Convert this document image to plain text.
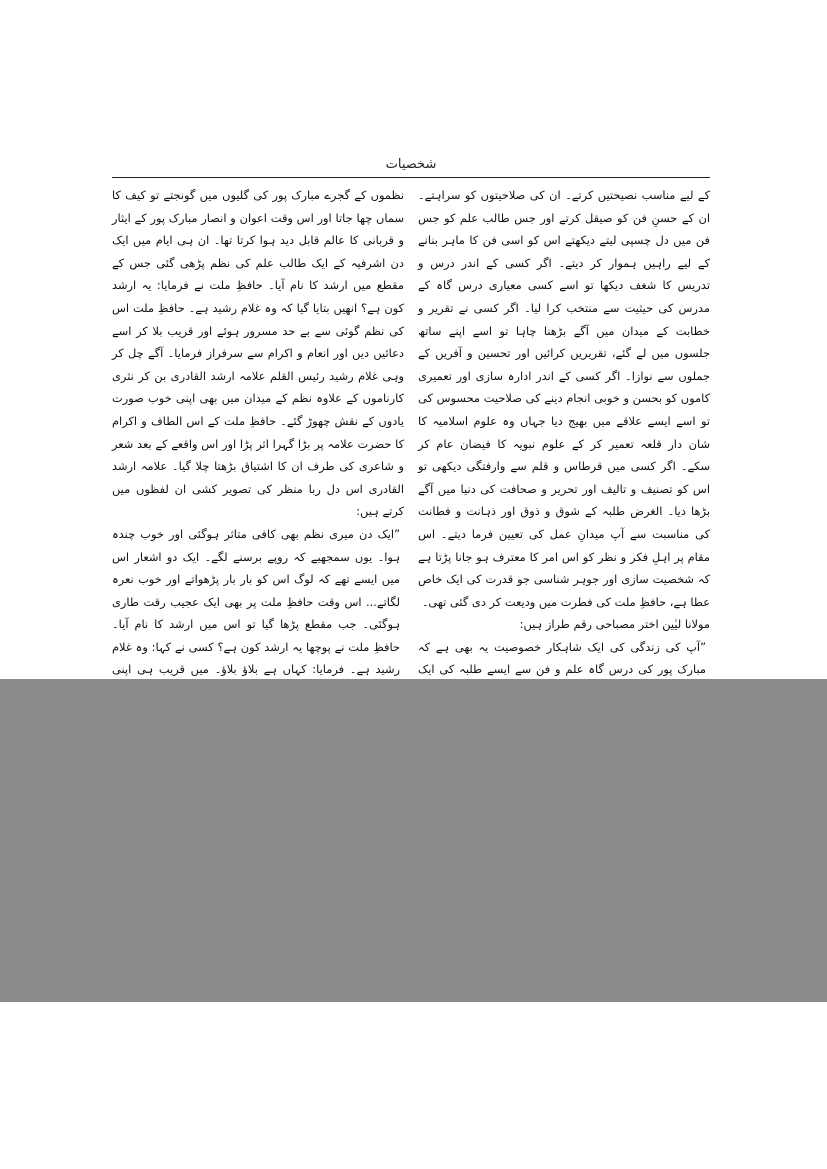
شخصیات

کے لیے مناسب نصیحتیں کرتے۔ ان کی صلاحیتوں کو سراہتے۔ ان کے حسنِ فن کو صیقل کرتے اور جس طالب علم کو جس فن میں دل چسپی لیتے دیکھتے اس کو اسی فن کا ماہر بنانے کے لیے راہیں ہموار کر دیتے۔ اگر کسی کے اندر درس و تدریس کا شغف دیکھا تو اسے کسی معیاری درس گاہ کے مدرس کی حیثیت سے منتخب کرا لیا۔ اگر کسی نے تقریر و خطابت کے میدان میں آگے بڑھنا چاہا تو اسے اپنے ساتھ جلسوں میں لے گئے، تقریریں کرائیں اور تحسین و آفریں کے جملوں سے نوازا۔ اگر کسی کے اندر ادارہ سازی اور تعمیری کاموں کو بحسن و خوبی انجام دینے کی صلاحیت محسوس کی تو اسے ایسے علاقے میں بھیج دیا جہاں وہ علوم اسلامیہ کا شان دار قلعہ تعمیر کر کے علوم نبویہ کا فیضان عام کر سکے۔ اگر کسی میں قرطاس و قلم سے وارفتگی دیکھی تو اس کو تصنیف و تالیف اور تحریر و صحافت کی دنیا میں آگے بڑھا دیا۔ الغرض طلبہ کے شوق و ذوق اور ذہانت و فطانت کی مناسبت سے آپ میدانِ عمل کی تعیین فرما دیتے۔ اس مقام پر اہلِ فکر و نظر کو اس امر کا معترف ہو جانا پڑتا ہے کہ شخصیت سازی اور جوہر شناسی جو قدرت کی ایک خاص عطا ہے، حافظِ ملت کی فطرت میں ودیعت کر دی گئی تھی۔

مولانا لیٰین اختر مصباحی رقم طراز ہیں:

”آپ کی زندگی کی ایک شاہکار خصوصیت یہ بھی ہے کہ مبارک پور کی درس گاہ علم و فن سے ایسے طلبہ کی ایک

نظموں کے گجرے مبارک پور کی گلیوں میں گونجتے تو کیف کا سماں چھا جاتا اور اس وقت اعوان و انصار مبارک پور کے ایثار و قربانی کا عالم قابل دید ہوا کرتا تھا۔ ان ہی ایام میں ایک دن اشرفیہ کے ایک طالب علم کی نظم پڑھی گئی جس کے مقطع میں ارشد کا نام آیا۔ حافظِ ملت نے فرمایا: یہ ارشد کون ہے؟ انھیں بتایا گیا کہ وہ غلام رشید ہے۔ حافظِ ملت اس کی نظم گوئی سے بے حد مسرور ہوئے اور قریب بلا کر اسے دعائیں دیں اور انعام و اکرام سے سرفراز فرمایا۔ آگے چل کر وہی غلام رشید رئیس القلم علامہ ارشد القادری بن کر نثری کارناموں کے علاوہ نظم کے میدان میں بھی اپنی خوب صورت یادوں کے نقش چھوڑ گئے۔ حافظِ ملت کے اس الطاف و اکرام کا حضرت علامہ پر بڑا گہرا اثر پڑا اور اس واقعے کے بعد شعر و شاعری کی طرف ان کا اشتیاق بڑھتا چلا گیا۔ علامہ ارشد القادری اس دل ربا منظر کی تصویر کشی ان لفظوں میں کرتے ہیں:

”ایک دن میری نظم بھی کافی متاثر ہوگئی اور خوب چندہ ہوا۔ یوں سمجھیے کہ روپے برسنے لگے۔ ایک دو اشعار اس میں ایسے تھے کہ لوگ اس کو بار بار پڑھواتے اور خوب نعرہ لگاتے... اس وقت حافظِ ملت پر بھی ایک عجیب رقت طاری ہوگئی۔ جب مقطع پڑھا گیا تو اس میں ارشد کا نام آیا۔ حافظِ ملت نے پوچھا یہ ارشد کون ہے؟ کسی نے کہا: وہ غلام رشید ہے۔ فرمایا: کہاں ہے بلاؤ بلاؤ۔ میں قریب ہی اپنی
